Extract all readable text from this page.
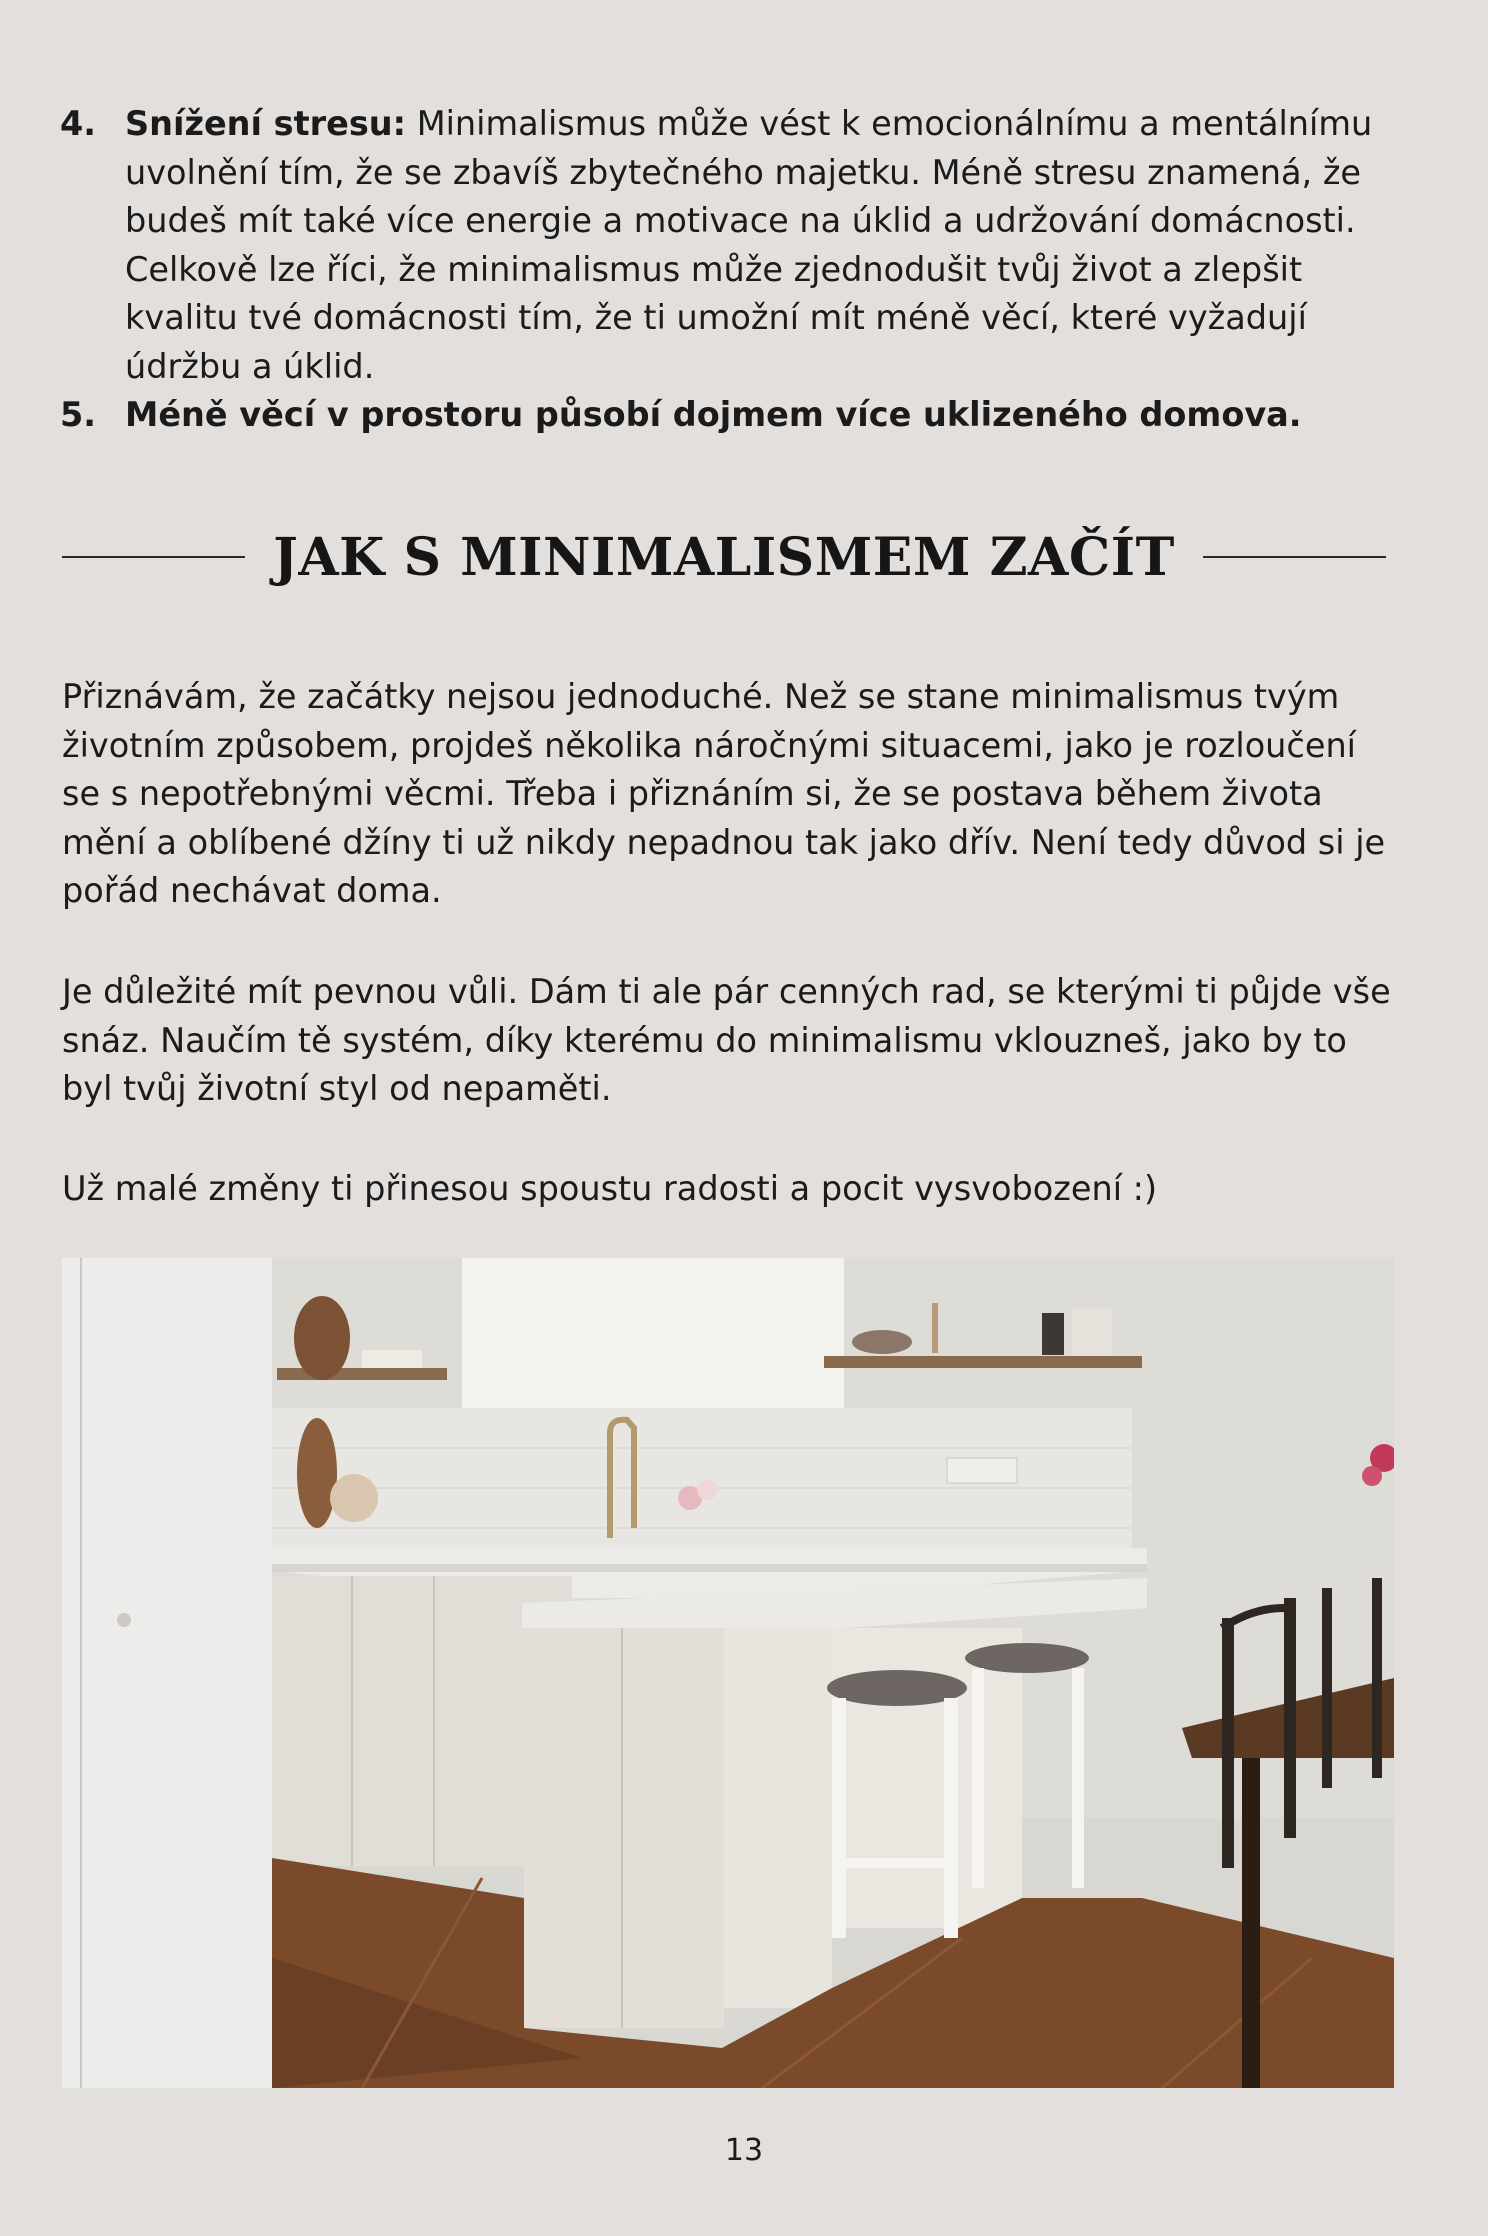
4. Snížení stresu: Minimalismus může vést k emocionálnímu a mentálnímu uvolnění tím, že se zbavíš zbytečného majetku. Méně stresu znamená, že budeš mít také více energie a motivace na úklid a udržování domácnosti. Celkově lze říci, že minimalismus může zjednodušit tvůj život a zlepšit kvalitu tvé domácnosti tím, že ti umožní mít méně věcí, které vyžadují údržbu a úklid.
5. Méně věcí v prostoru působí dojmem více uklizeného domova.
JAK S MINIMALISMEM ZAČÍT

Přiznávám, že začátky nejsou jednoduché. Než se stane minimalismus tvým životním způsobem, projdeš několika náročnými situacemi, jako je rozloučení se s nepotřebnými věcmi. Třeba i přiznáním si, že se postava během života mění a oblíbené džíny ti už nikdy nepadnou tak jako dřív. Není tedy důvod si je pořád nechávat doma.

Je důležité mít pevnou vůli. Dám ti ale pár cenných rad, se kterými ti půjde vše snáz. Naučím tě systém, díky kterému do minimalismu vklouzneš, jako by to byl tvůj životní styl od nepaměti.

Už malé změny ti přinesou spoustu radosti a pocit vysvobození :)

13
